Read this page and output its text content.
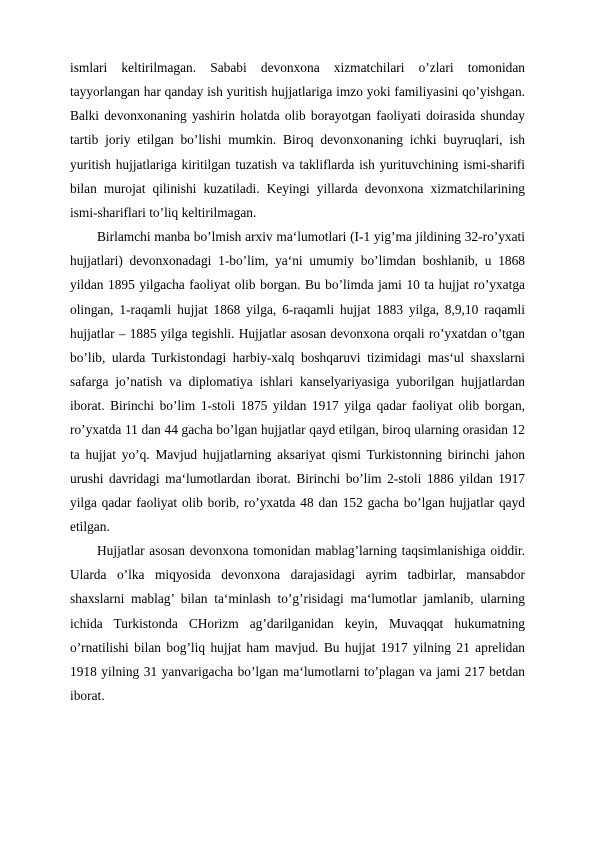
ismlari keltirilmagan. Sababi devonxona xizmatchilari o’zlari tomonidan tayyorlangan har qanday ish yuritish hujjatlariga imzo yoki familiyasini qo’yishgan. Balki devonxonaning yashirin holatda olib borayotgan faoliyati doirasida shunday tartib joriy etilgan bo’lishi mumkin. Biroq devonxonaning ichki buyruqlari, ish yuritish hujjatlariga kiritilgan tuzatish va takliflarda ish yurituvchining ismi-sharifi bilan murojat qilinishi kuzatiladi. Keyingi yillarda devonxona xizmatchilarining ismi-shariflari to’liq keltirilmagan.

Birlamchi manba bo’lmish arxiv ma‘lumotlari (I-1 yig’ma jildining 32-ro’yxati hujjatlari) devonxonadagi 1-bo’lim, ya‘ni umumiy bo’limdan boshlanib, u 1868 yildan 1895 yilgacha faoliyat olib borgan. Bu bo’limda jami 10 ta hujjat ro’yxatga olingan, 1-raqamli hujjat 1868 yilga, 6-raqamli hujjat 1883 yilga, 8,9,10 raqamli hujjatlar – 1885 yilga tegishli. Hujjatlar asosan devonxona orqali ro’yxatdan o’tgan bo’lib, ularda Turkistondagi harbiy-xalq boshqaruvi tizimidagi mas‘ul shaxslarni safarga jo’natish va diplomatiya ishlari kanselyariyasiga yuborilgan hujjatlardan iborat. Birinchi bo’lim 1-stoli 1875 yildan 1917 yilga qadar faoliyat olib borgan, ro’yxatda 11 dan 44 gacha bo’lgan hujjatlar qayd etilgan, biroq ularning orasidan 12 ta hujjat yo’q. Mavjud hujjatlarning aksariyat qismi Turkistonning birinchi jahon urushi davridagi ma‘lumotlardan iborat. Birinchi bo’lim 2-stoli 1886 yildan 1917 yilga qadar faoliyat olib borib, ro’yxatda 48 dan 152 gacha bo’lgan hujjatlar qayd etilgan.

Hujjatlar asosan devonxona tomonidan mablag’larning taqsimlanishiga oiddir. Ularda o’lka miqyosida devonxona darajasidagi ayrim tadbirlar, mansabdor shaxslarni mablag’ bilan ta‘minlash to’g’risidagi ma‘lumotlar jamlanib, ularning ichida Turkistonda CHorizm ag’darilganidan keyin, Muvaqqat hukumatning o’rnatilishi bilan bog’liq hujjat ham mavjud. Bu hujjat 1917 yilning 21 aprelidan 1918 yilning 31 yanvarigacha bo’lgan ma‘lumotlarni to’plagan va jami 217 betdan iborat.
